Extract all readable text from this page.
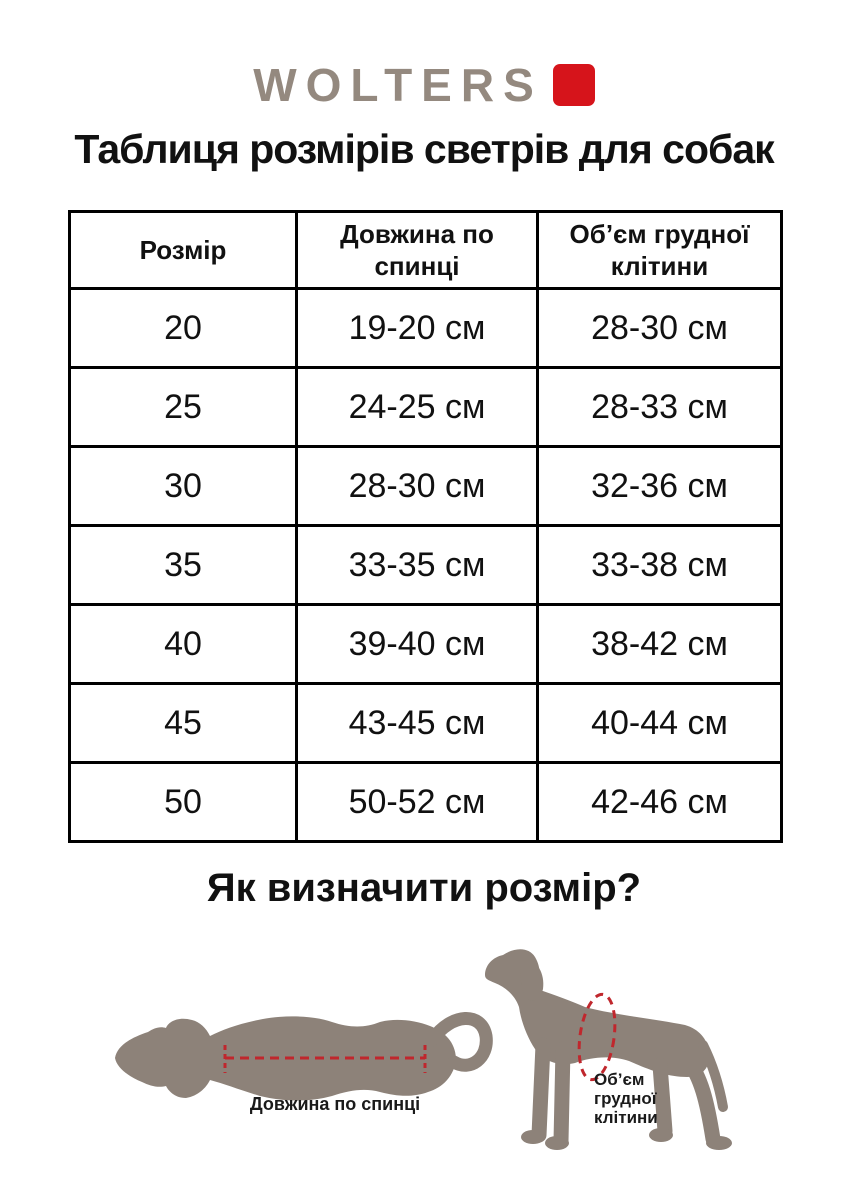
WOLTERS
Таблиця розмірів светрів для собак
Розмір	Довжина по спинці	Об’єм грудної клітини
20	19-20 см	28-30 см
25	24-25 см	28-33 см
30	28-30 см	32-36 см
35	33-35 см	33-38 см
40	39-40 см	38-42 см
45	43-45 см	40-44 см
50	50-52 см	42-46 см
Як визначити розмір?
Довжина по спинці
Об’єм
грудної
клітини
